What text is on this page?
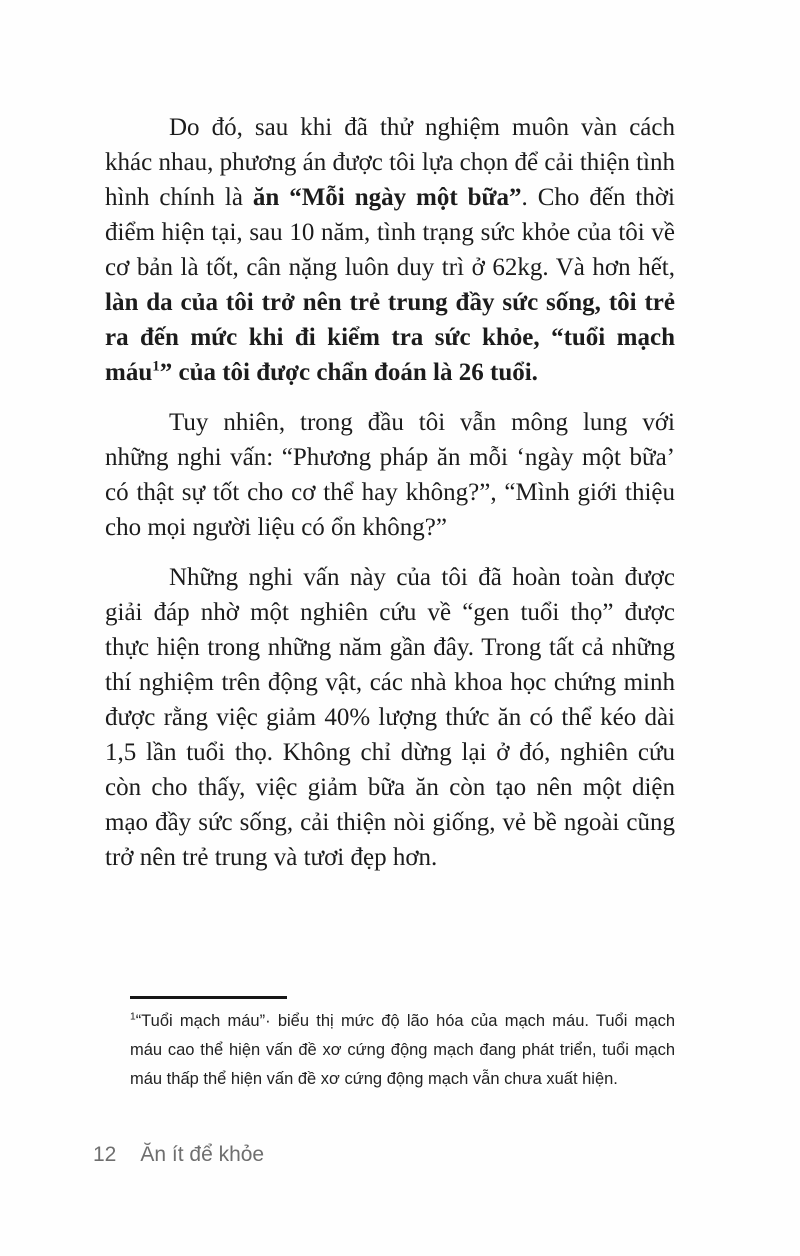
Do đó, sau khi đã thử nghiệm muôn vàn cách khác nhau, phương án được tôi lựa chọn để cải thiện tình hình chính là ăn “Mỗi ngày một bữa”. Cho đến thời điểm hiện tại, sau 10 năm, tình trạng sức khỏe của tôi về cơ bản là tốt, cân nặng luôn duy trì ở 62kg. Và hơn hết, làn da của tôi trở nên trẻ trung đầy sức sống, tôi trẻ ra đến mức khi đi kiểm tra sức khỏe, “tuổi mạch máu$^1$” của tôi được chẩn đoán là 26 tuổi.

Tuy nhiên, trong đầu tôi vẫn mông lung với những nghi vấn: “Phương pháp ăn mỗi ‘ngày một bữa’ có thật sự tốt cho cơ thể hay không?”, “Mình giới thiệu cho mọi người liệu có ổn không?”

Những nghi vấn này của tôi đã hoàn toàn được giải đáp nhờ một nghiên cứu về “gen tuổi thọ” được thực hiện trong những năm gần đây. Trong tất cả những thí nghiệm trên động vật, các nhà khoa học chứng minh được rằng việc giảm 40% lượng thức ăn có thể kéo dài 1,5 lần tuổi thọ. Không chỉ dừng lại ở đó, nghiên cứu còn cho thấy, việc giảm bữa ăn còn tạo nên một diện mạo đầy sức sống, cải thiện nòi giống, vẻ bề ngoài cũng trở nên trẻ trung và tươi đẹp hơn.

$^1$“Tuổi mạch máu”· biểu thị mức độ lão hóa của mạch máu. Tuổi mạch máu cao thể hiện vấn đề xơ cứng động mạch đang phát triển, tuổi mạch máu thấp thể hiện vấn đề xơ cứng động mạch vẫn chưa xuất hiện.
12 Ăn ít để khỏe
